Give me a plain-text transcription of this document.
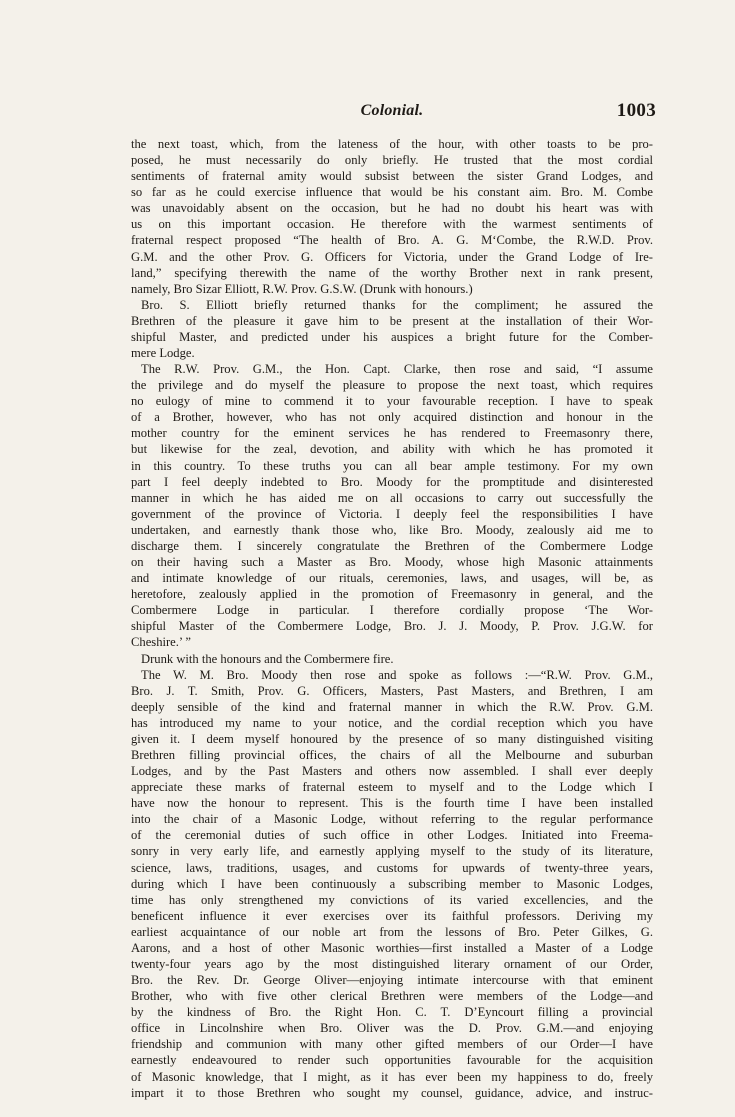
Colonial.	1003
the next toast, which, from the lateness of the hour, with other toasts to be pro-
posed, he must necessarily do only briefly. He trusted that the most cordial
sentiments of fraternal amity would subsist between the sister Grand Lodges, and
so far as he could exercise influence that would be his constant aim. Bro. M. Combe
was unavoidably absent on the occasion, but he had no doubt his heart was with
us on this important occasion. He therefore with the warmest sentiments of
fraternal respect proposed “The health of Bro. A. G. M‘Combe, the R.W.D. Prov.
G.M. and the other Prov. G. Officers for Victoria, under the Grand Lodge of Ire-
land,” specifying therewith the name of the worthy Brother next in rank present,
namely, Bro Sizar Elliott, R.W. Prov. G.S.W. (Drunk with honours.)
Bro. S. Elliott briefly returned thanks for the compliment; he assured the
Brethren of the pleasure it gave him to be present at the installation of their Wor-
shipful Master, and predicted under his auspices a bright future for the Comber-
mere Lodge.
The R.W. Prov. G.M., the Hon. Capt. Clarke, then rose and said, “I assume
the privilege and do myself the pleasure to propose the next toast, which requires
no eulogy of mine to commend it to your favourable reception. I have to speak
of a Brother, however, who has not only acquired distinction and honour in the
mother country for the eminent services he has rendered to Freemasonry there,
but likewise for the zeal, devotion, and ability with which he has promoted it
in this country. To these truths you can all bear ample testimony. For my own
part I feel deeply indebted to Bro. Moody for the promptitude and disinterested
manner in which he has aided me on all occasions to carry out successfully the
government of the province of Victoria. I deeply feel the responsibilities I have
undertaken, and earnestly thank those who, like Bro. Moody, zealously aid me to
discharge them. I sincerely congratulate the Brethren of the Combermere Lodge
on their having such a Master as Bro. Moody, whose high Masonic attainments
and intimate knowledge of our rituals, ceremonies, laws, and usages, will be, as
heretofore, zealously applied in the promotion of Freemasonry in general, and the
Combermere Lodge in particular. I therefore cordially propose ‘The Wor-
shipful Master of the Combermere Lodge, Bro. J. J. Moody, P. Prov. J.G.W. for
Cheshire.’ ”
Drunk with the honours and the Combermere fire.
The W. M. Bro. Moody then rose and spoke as follows :—“R.W. Prov. G.M.,
Bro. J. T. Smith, Prov. G. Officers, Masters, Past Masters, and Brethren, I am
deeply sensible of the kind and fraternal manner in which the R.W. Prov. G.M.
has introduced my name to your notice, and the cordial reception which you have
given it. I deem myself honoured by the presence of so many distinguished visiting
Brethren filling provincial offices, the chairs of all the Melbourne and suburban
Lodges, and by the Past Masters and others now assembled. I shall ever deeply
appreciate these marks of fraternal esteem to myself and to the Lodge which I
have now the honour to represent. This is the fourth time I have been installed
into the chair of a Masonic Lodge, without referring to the regular performance
of the ceremonial duties of such office in other Lodges. Initiated into Freema-
sonry in very early life, and earnestly applying myself to the study of its literature,
science, laws, traditions, usages, and customs for upwards of twenty-three years,
during which I have been continuously a subscribing member to Masonic Lodges,
time has only strengthened my convictions of its varied excellencies, and the
beneficent influence it ever exercises over its faithful professors. Deriving my
earliest acquaintance of our noble art from the lessons of Bro. Peter Gilkes, G.
Aarons, and a host of other Masonic worthies—first installed a Master of a Lodge
twenty-four years ago by the most distinguished literary ornament of our Order,
Bro. the Rev. Dr. George Oliver—enjoying intimate intercourse with that eminent
Brother, who with five other clerical Brethren were members of the Lodge—and
by the kindness of Bro. the Right Hon. C. T. D’Eyncourt filling a provincial
office in Lincolnshire when Bro. Oliver was the D. Prov. G.M.—and enjoying
friendship and communion with many other gifted members of our Order—I have
earnestly endeavoured to render such opportunities favourable for the acquisition
of Masonic knowledge, that I might, as it has ever been my happiness to do, freely
impart it to those Brethren who sought my counsel, guidance, advice, and instruc-
